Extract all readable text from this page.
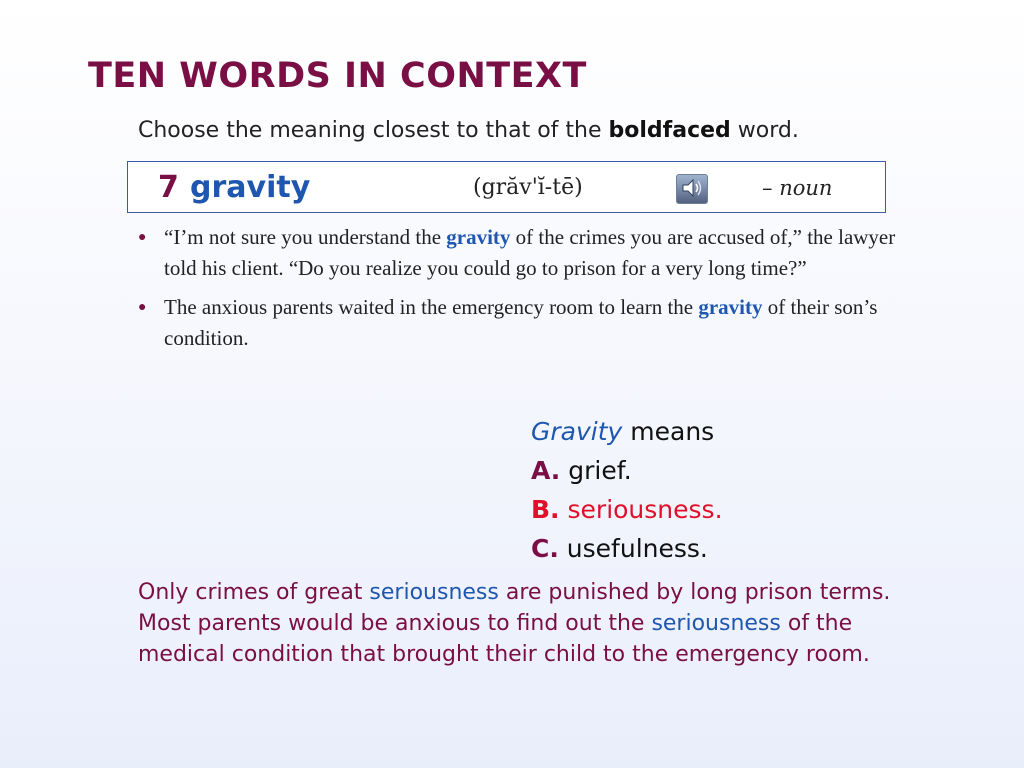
TEN WORDS IN CONTEXT
Choose the meaning closest to that of the boldfaced word.
7 gravity	(grăv'ĭ-tē)	– noun
● “I’m not sure you understand the gravity of the crimes you are accused of,” the lawyer told his client. “Do you realize you could go to prison for a very long time?”
● The anxious parents waited in the emergency room to learn the gravity of their son’s condition.
Gravity means
A. grief.
B. seriousness.
C. usefulness.
Only crimes of great seriousness are punished by long prison terms. Most parents would be anxious to find out the seriousness of the medical condition that brought their child to the emergency room.
